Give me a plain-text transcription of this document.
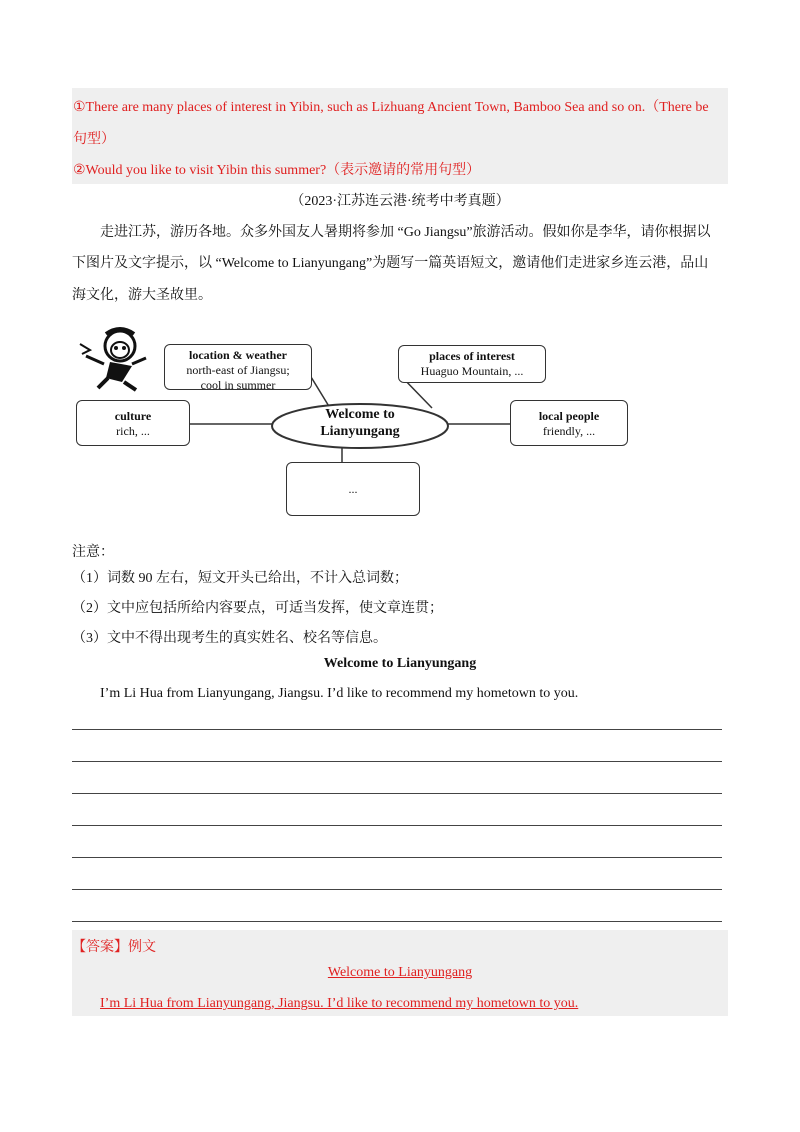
①There are many places of interest in Yibin, such as Lizhuang Ancient Town, Bamboo Sea and so on.（There be
句型）
②Would you like to visit Yibin this summer?（表示邀请的常用句型）
（2023·江苏连云港·统考中考真题）
走进江苏，游历各地。众多外国友人暑期将参加 “Go Jiangsu”旅游活动。假如你是李华，请你根据以
下图片及文字提示，以 “Welcome to Lianyungang”为题写一篇英语短文，邀请他们走进家乡连云港，品山
海文化，游大圣故里。
location & weather
north-east of Jiangsu;
cool in summer
places of interest
Huaguo Mountain, ...
culture
rich, ...
Welcome to
Lianyungang
local people
friendly, ...
...
注意：
（1）词数 90 左右，短文开头已给出，不计入总词数；
（2）文中应包括所给内容要点，可适当发挥，使文章连贯；
（3）文中不得出现考生的真实姓名、校名等信息。
Welcome to Lianyungang
I’m Li Hua from Lianyungang, Jiangsu. I’d like to recommend my hometown to you.
【答案】例文
Welcome to Lianyungang
I’m Li Hua from Lianyungang, Jiangsu. I’d like to recommend my hometown to you.
